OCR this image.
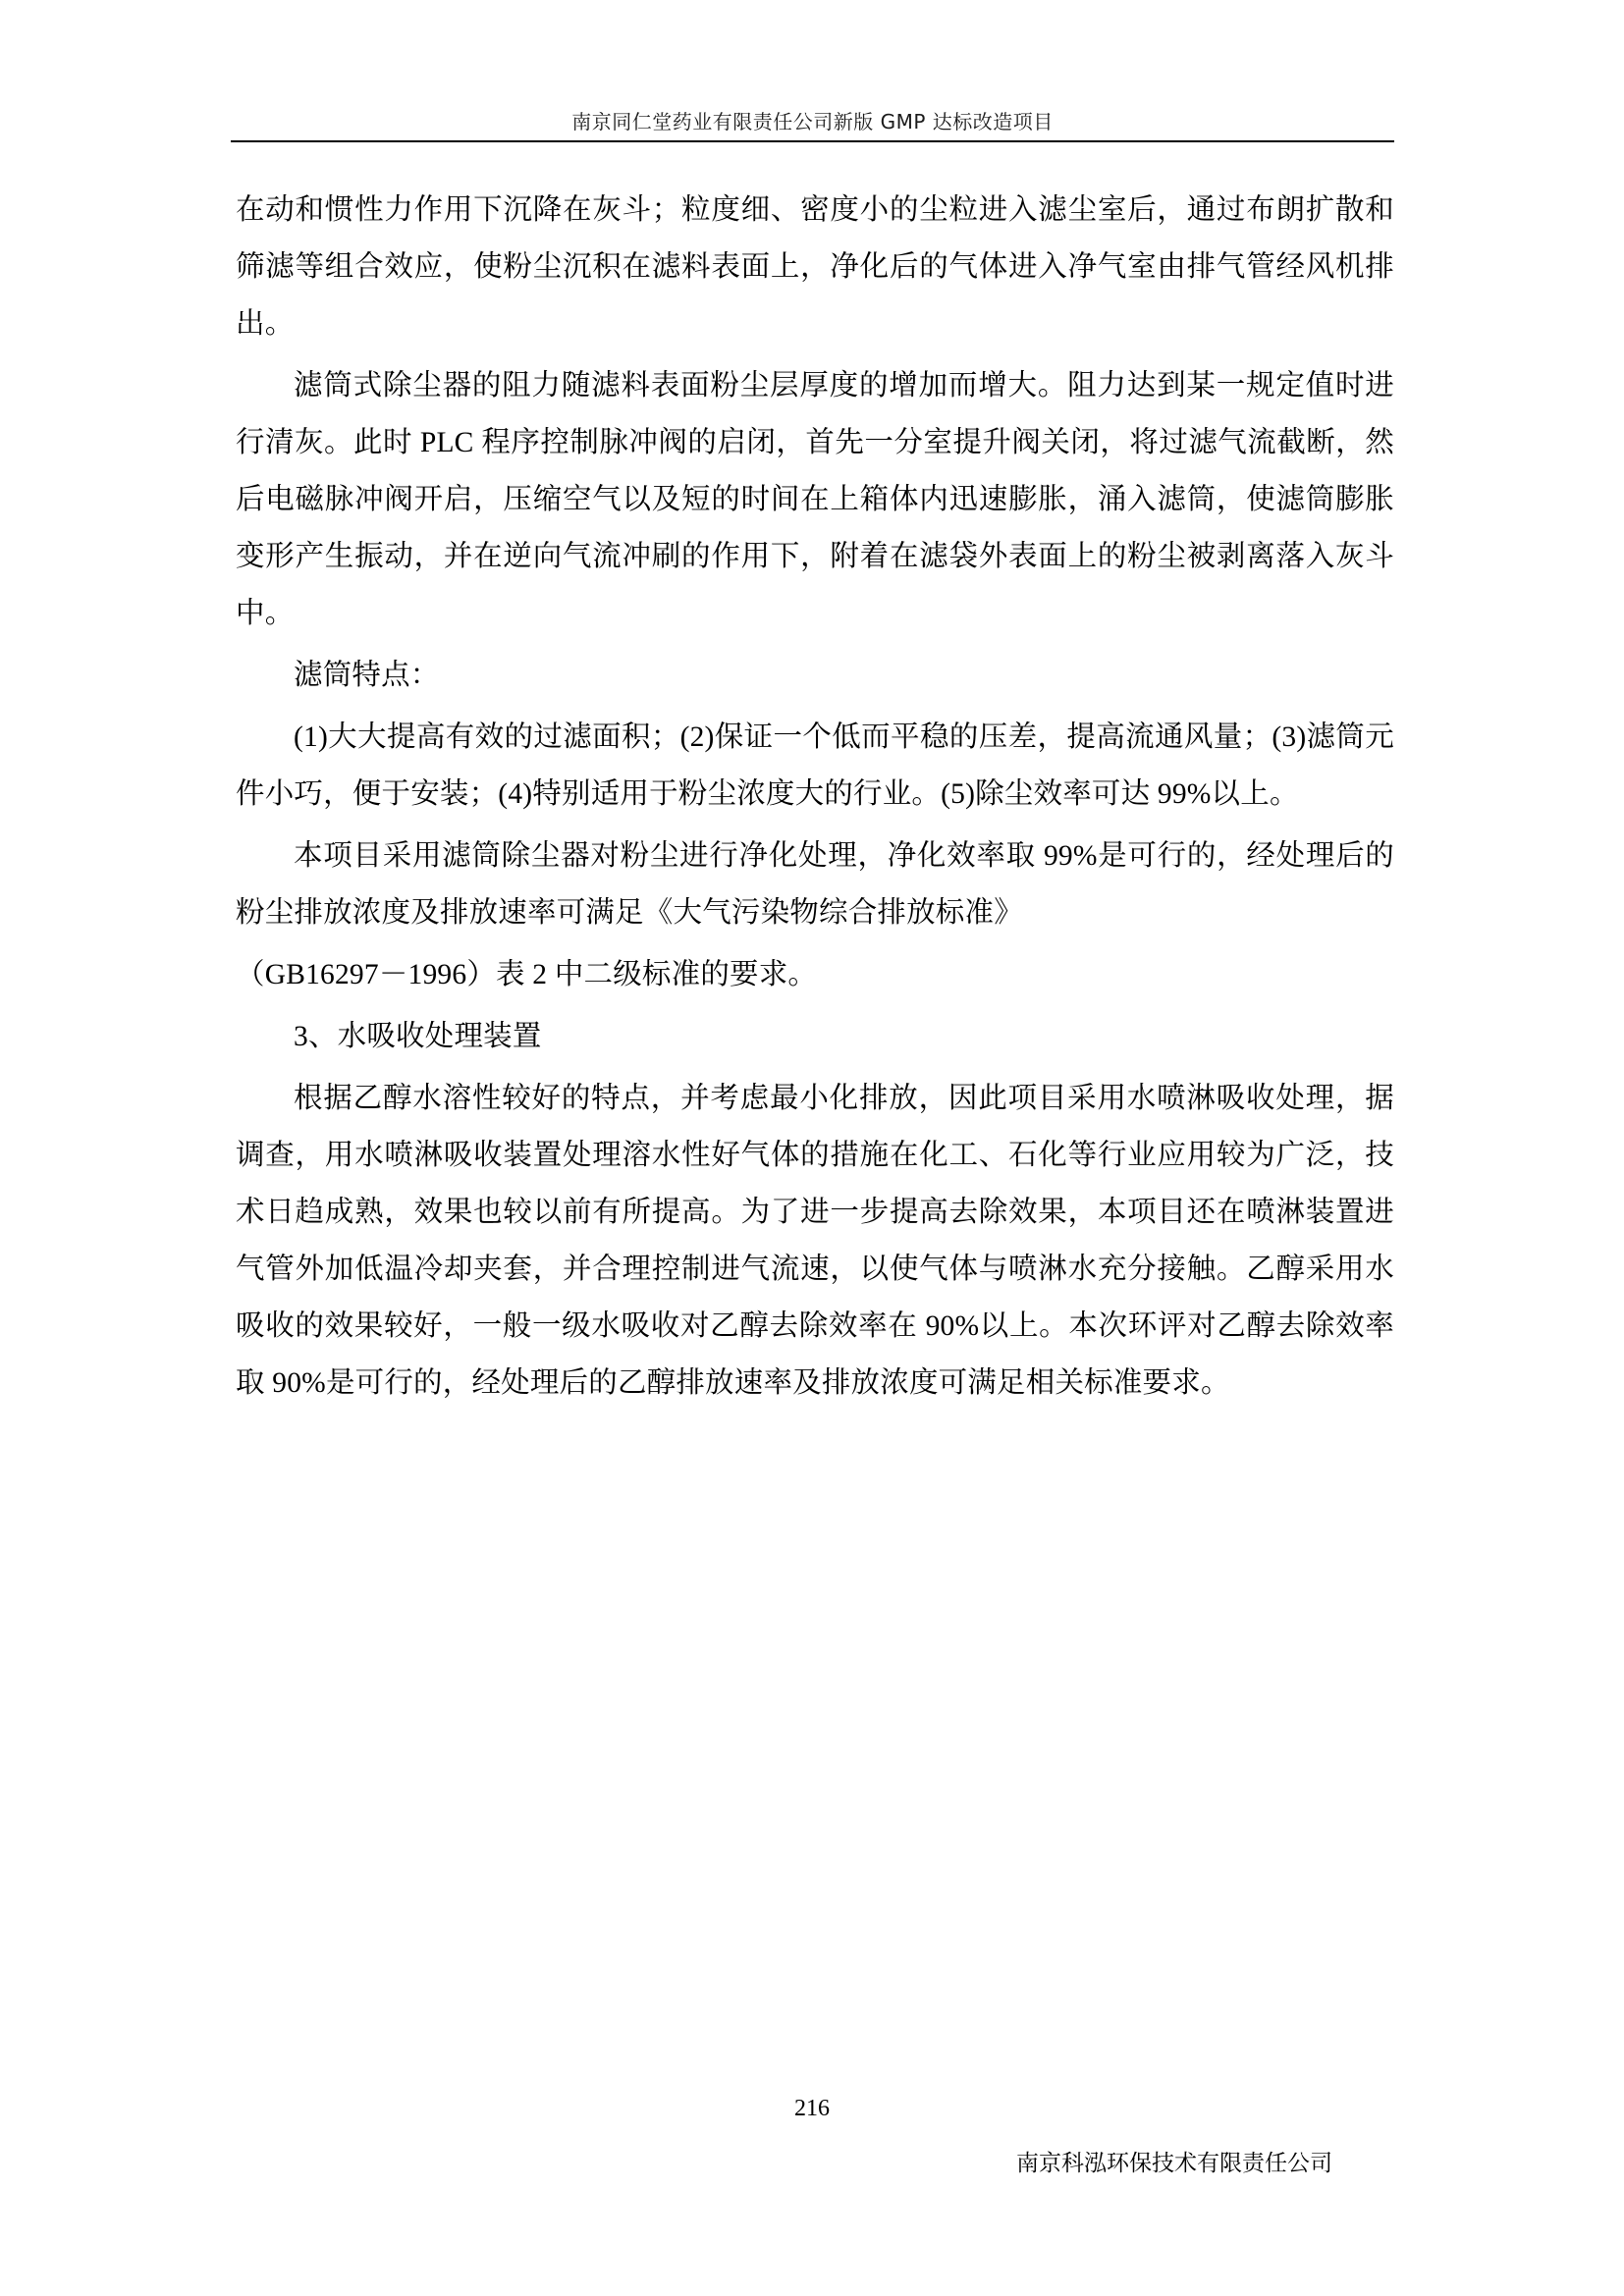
南京同仁堂药业有限责任公司新版 GMP 达标改造项目

在动和惯性力作用下沉降在灰斗；粒度细、密度小的尘粒进入滤尘室后，通过布朗扩散和筛滤等组合效应，使粉尘沉积在滤料表面上，净化后的气体进入净气室由排气管经风机排出。

滤筒式除尘器的阻力随滤料表面粉尘层厚度的增加而增大。阻力达到某一规定值时进行清灰。此时 PLC 程序控制脉冲阀的启闭，首先一分室提升阀关闭，将过滤气流截断，然后电磁脉冲阀开启，压缩空气以及短的时间在上箱体内迅速膨胀，涌入滤筒，使滤筒膨胀变形产生振动，并在逆向气流冲刷的作用下，附着在滤袋外表面上的粉尘被剥离落入灰斗中。

滤筒特点：

(1)大大提高有效的过滤面积；(2)保证一个低而平稳的压差，提高流通风量；(3)滤筒元件小巧，便于安装；(4)特别适用于粉尘浓度大的行业。(5)除尘效率可达 99%以上。

本项目采用滤筒除尘器对粉尘进行净化处理，净化效率取 99%是可行的，经处理后的粉尘排放浓度及排放速率可满足《大气污染物综合排放标准》

（GB16297－1996）表 2 中二级标准的要求。

3、水吸收处理装置

根据乙醇水溶性较好的特点，并考虑最小化排放，因此项目采用水喷淋吸收处理，据调查，用水喷淋吸收装置处理溶水性好气体的措施在化工、石化等行业应用较为广泛，技术日趋成熟，效果也较以前有所提高。为了进一步提高去除效果，本项目还在喷淋装置进气管外加低温冷却夹套，并合理控制进气流速，以使气体与喷淋水充分接触。乙醇采用水吸收的效果较好，一般一级水吸收对乙醇去除效率在 90%以上。本次环评对乙醇去除效率取 90%是可行的，经处理后的乙醇排放速率及排放浓度可满足相关标准要求。

216
南京科泓环保技术有限责任公司
